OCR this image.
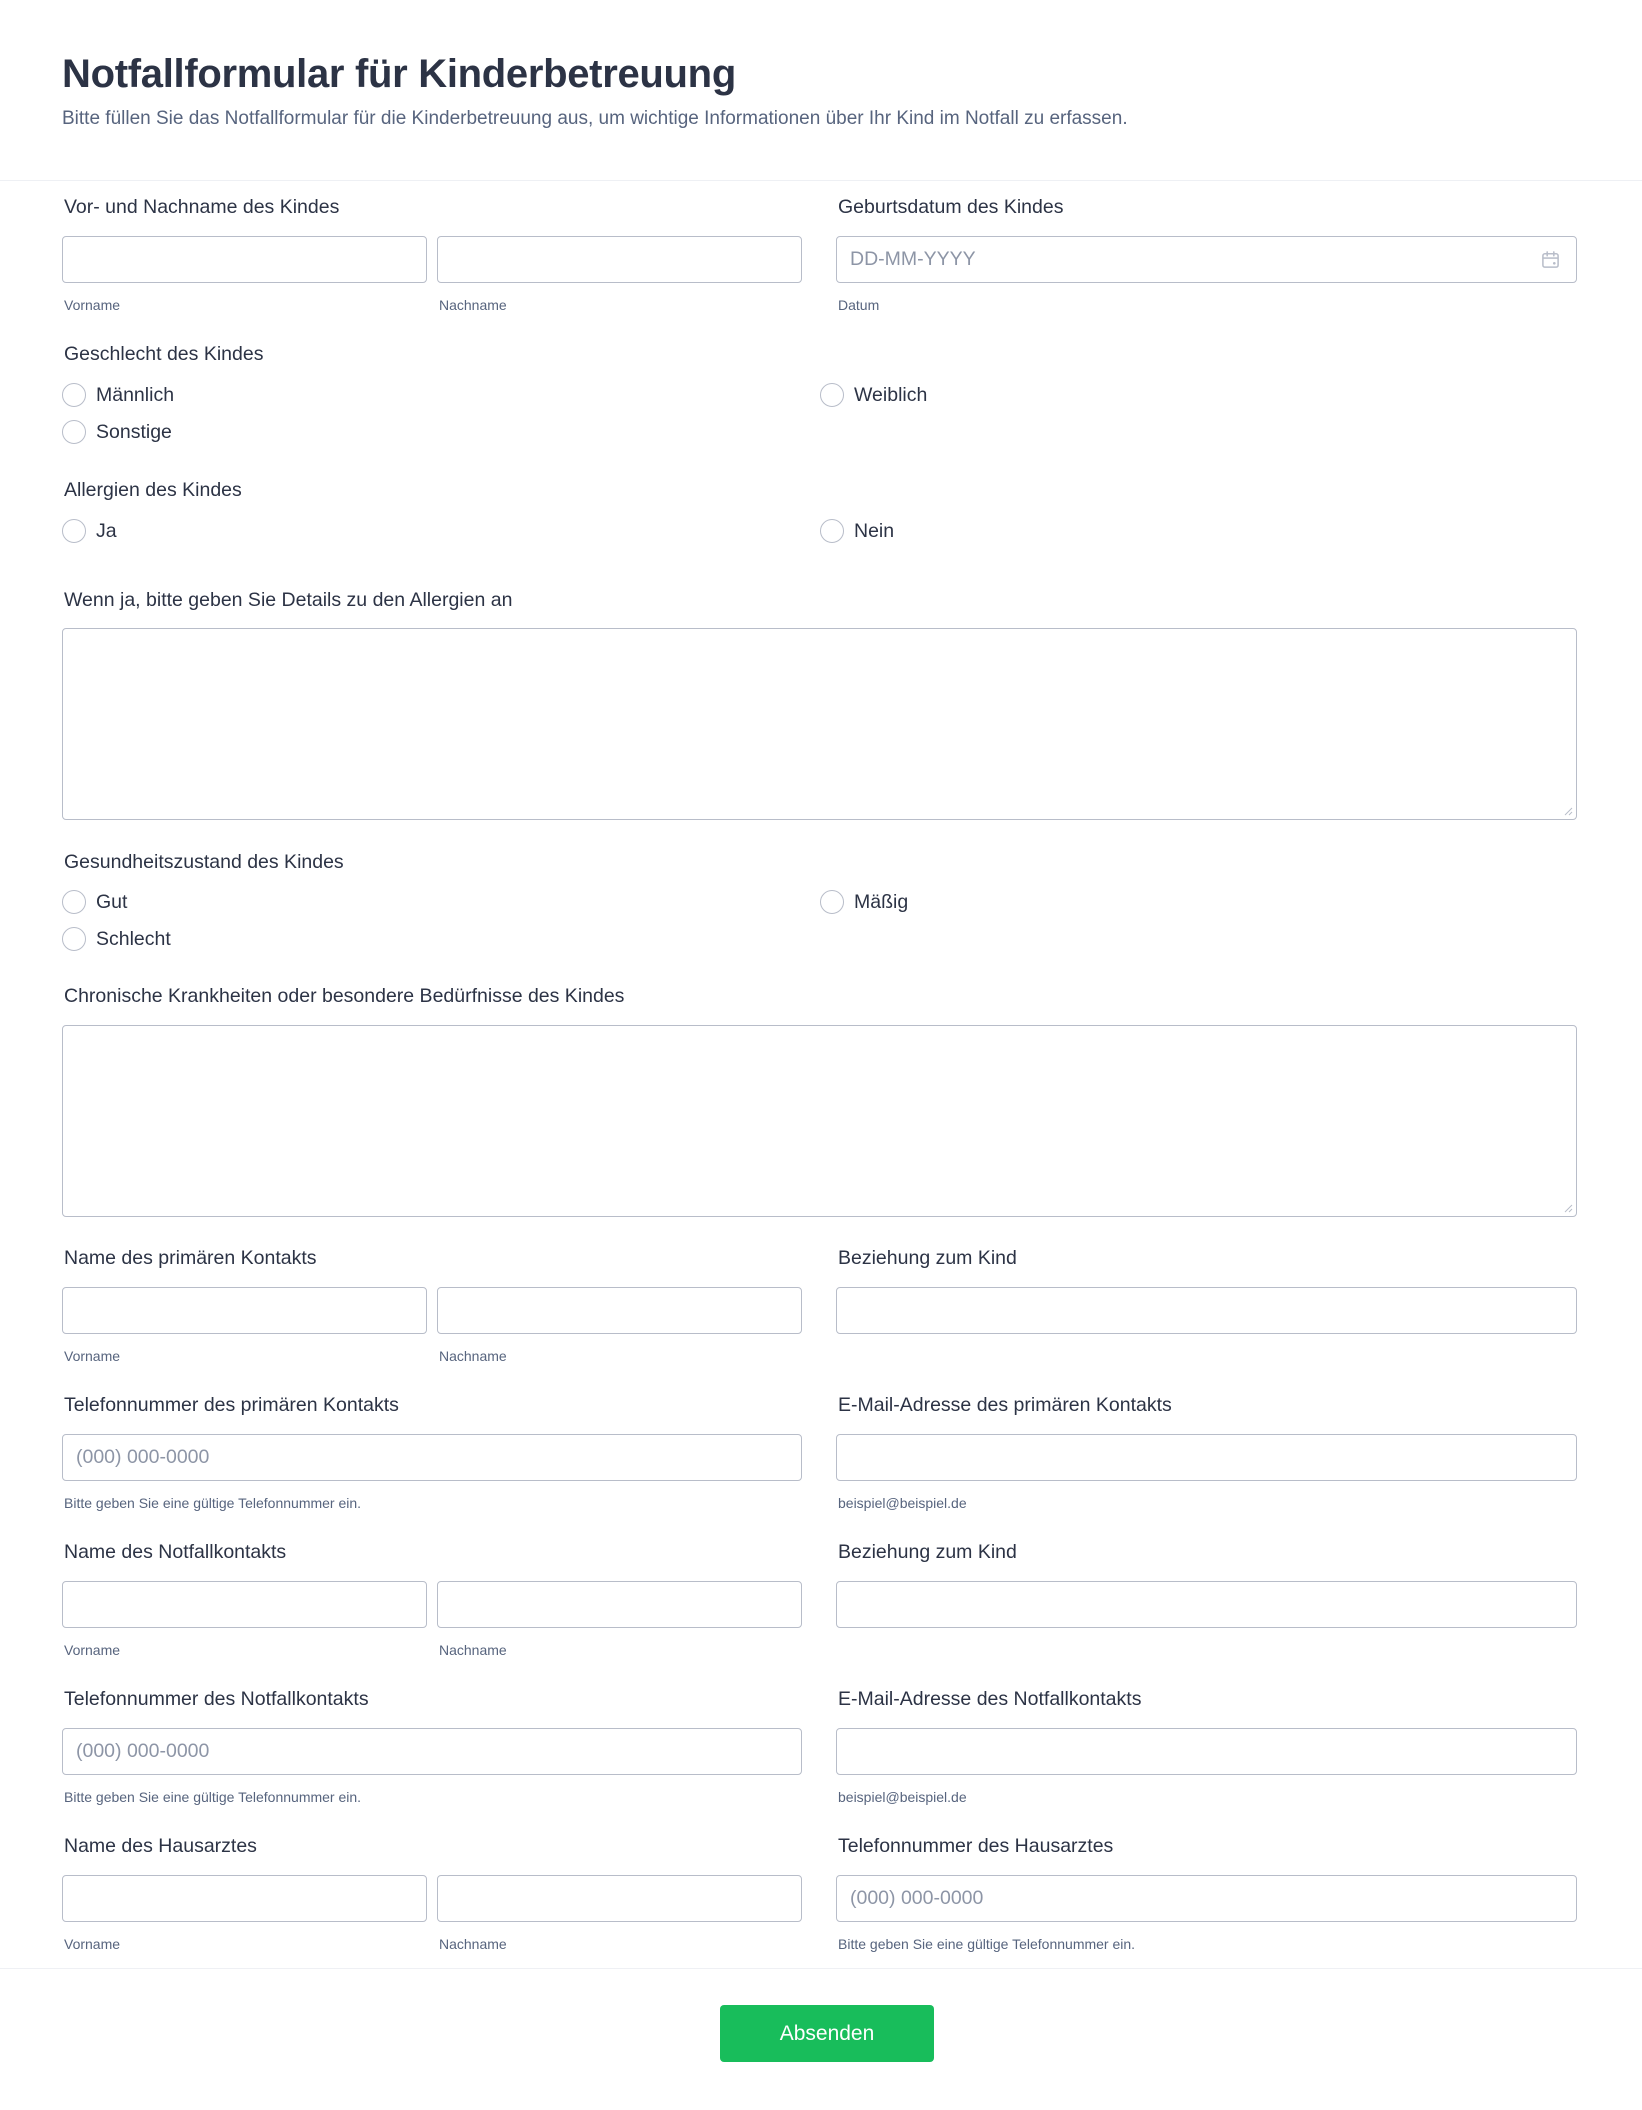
Notfallformular für Kinderbetreuung

Bitte füllen Sie das Notfallformular für die Kinderbetreuung aus, um wichtige Informationen über Ihr Kind im Notfall zu erfassen.

Vor- und Nachname des Kindes
Vorname	Nachname
Geburtsdatum des Kindes
DD-MM-YYYY
Datum
Geschlecht des Kindes
Männlich	Weiblich
Sonstige
Allergien des Kindes
Ja	Nein
Wenn ja, bitte geben Sie Details zu den Allergien an
Gesundheitszustand des Kindes
Gut	Mäßig
Schlecht
Chronische Krankheiten oder besondere Bedürfnisse des Kindes
Name des primären Kontakts
Vorname	Nachname
Beziehung zum Kind
Telefonnummer des primären Kontakts
(000) 000-0000
Bitte geben Sie eine gültige Telefonnummer ein.
E-Mail-Adresse des primären Kontakts
beispiel@beispiel.de
Name des Notfallkontakts
Vorname	Nachname
Beziehung zum Kind
Telefonnummer des Notfallkontakts
(000) 000-0000
Bitte geben Sie eine gültige Telefonnummer ein.
E-Mail-Adresse des Notfallkontakts
beispiel@beispiel.de
Name des Hausarztes
Vorname	Nachname
Telefonnummer des Hausarztes
(000) 000-0000
Bitte geben Sie eine gültige Telefonnummer ein.
Absenden
